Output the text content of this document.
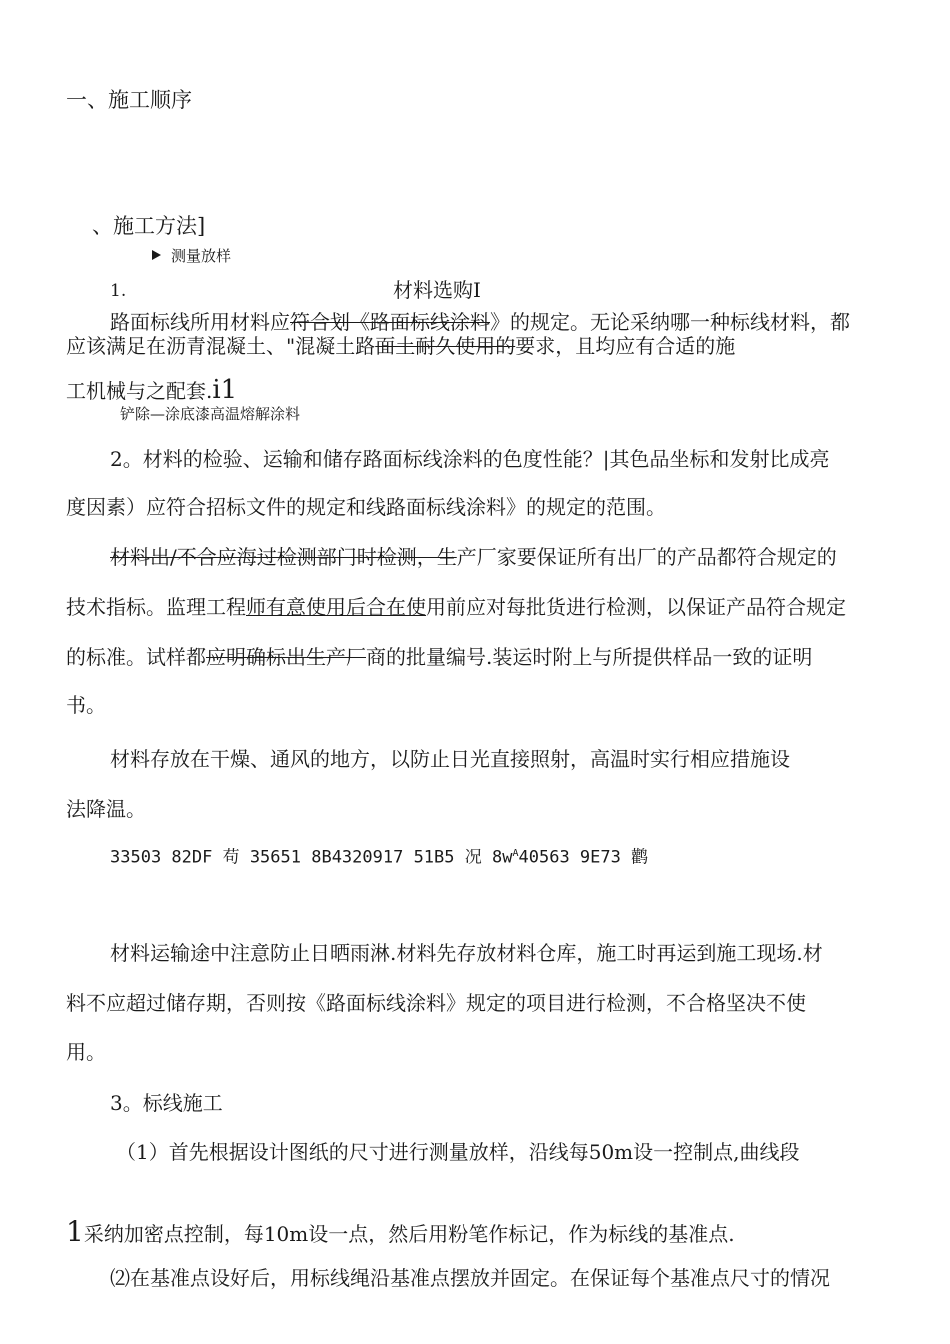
一、施工顺序
、施工方法]
测量放样
1.	材料选购I
路面标线所用材料应符合划《路面标线涂料》的规定。无论采纳哪一种标线材料，都
应该满足在沥青混凝土、"混凝土路面土耐久使用的要求，且均应有合适的施
工机械与之配套.i1
铲除—涂底漆高温熔解涂料
2。材料的检验、运输和储存路面标线涂料的色度性能？|其色品坐标和发射比成亮
度因素）应符合招标文件的规定和线路面标线涂料》的规定的范围。
材料出/不合应海过检测部门时检测，生产厂家要保证所有出厂的产品都符合规定的
技术指标。监理工程师有意使用后合在使用前应对每批货进行检测，以保证产品符合规定
的标准。试样都应明确标出生产厂商的批量编号.装运时附上与所提供样品一致的证明
书。
材料存放在干燥、通风的地方，以防止日光直接照射，高温时实行相应措施设
法降温。
33503 82DF 苟 35651 8B4320917 51B5 况 $8w^A40563$ 9E73 鹳
材料运输途中注意防止日晒雨淋.材料先存放材料仓库，施工时再运到施工现场.材
料不应超过储存期，否则按《路面标线涂料》规定的项目进行检测，不合格坚决不使
用。
3。标线施工
（1）首先根据设计图纸的尺寸进行测量放样，沿线每50m设一控制点,曲线段
1采纳加密点控制，每10m设一点，然后用粉笔作标记，作为标线的基准点.
⑵在基准点设好后，用标线绳沿基准点摆放并固定。在保证每个基准点尺寸的情况
